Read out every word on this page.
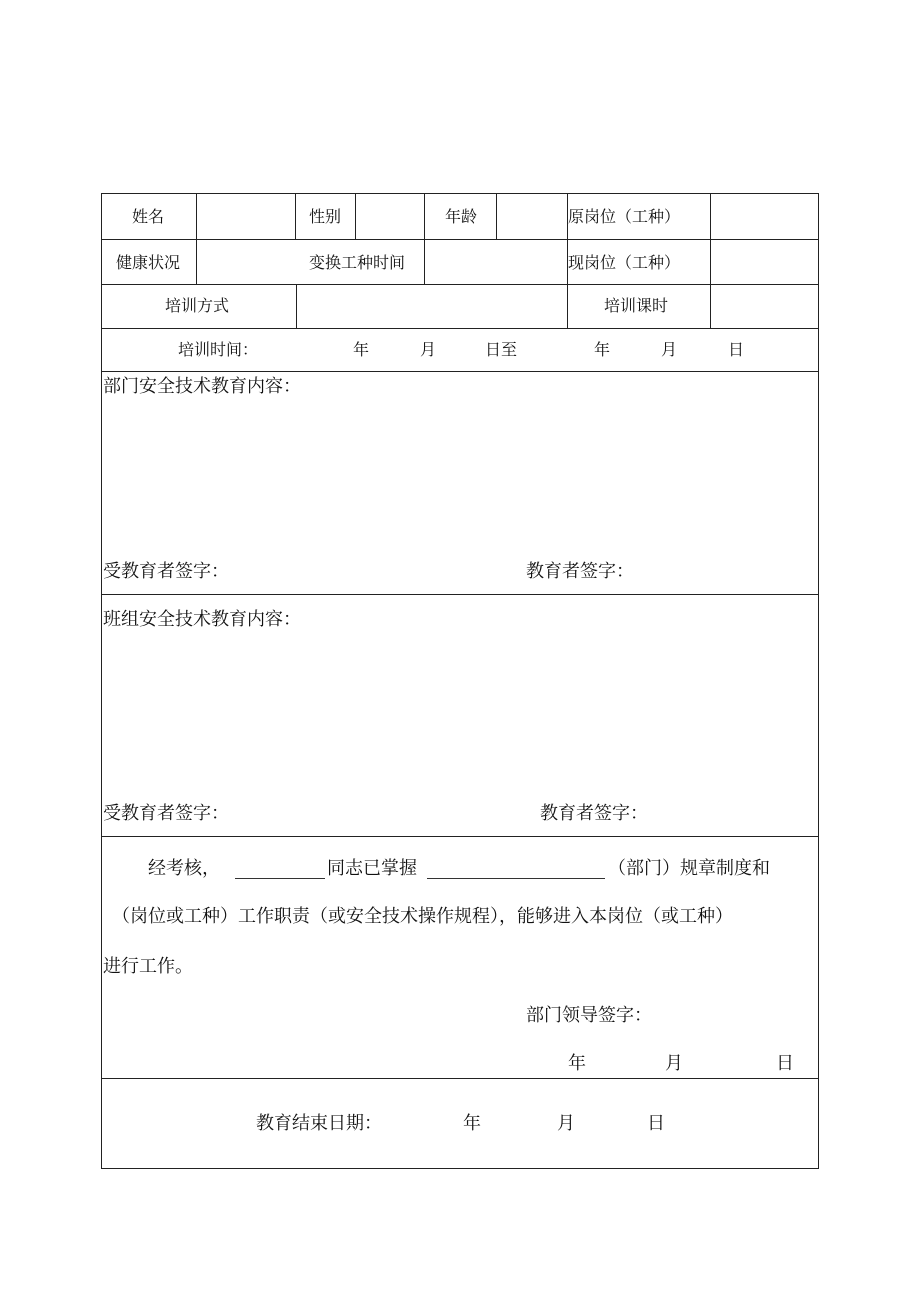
姓名	性别	年龄	原岗位（工种）
健康状况	变换工种时间	现岗位（工种）
培训方式	培训课时
培训时间：	年	月	日至	年	月	日
部门安全技术教育内容：
受教育者签字：	教育者签字：
班组安全技术教育内容：
受教育者签字：	教育者签字：
经考核，	同志已掌握	（部门）规章制度和
（岗位或工种）工作职责（或安全技术操作规程），能够进入本岗位（或工种）
进行工作。
部门领导签字：
年	月	日
教育结束日期：	年	月	日
